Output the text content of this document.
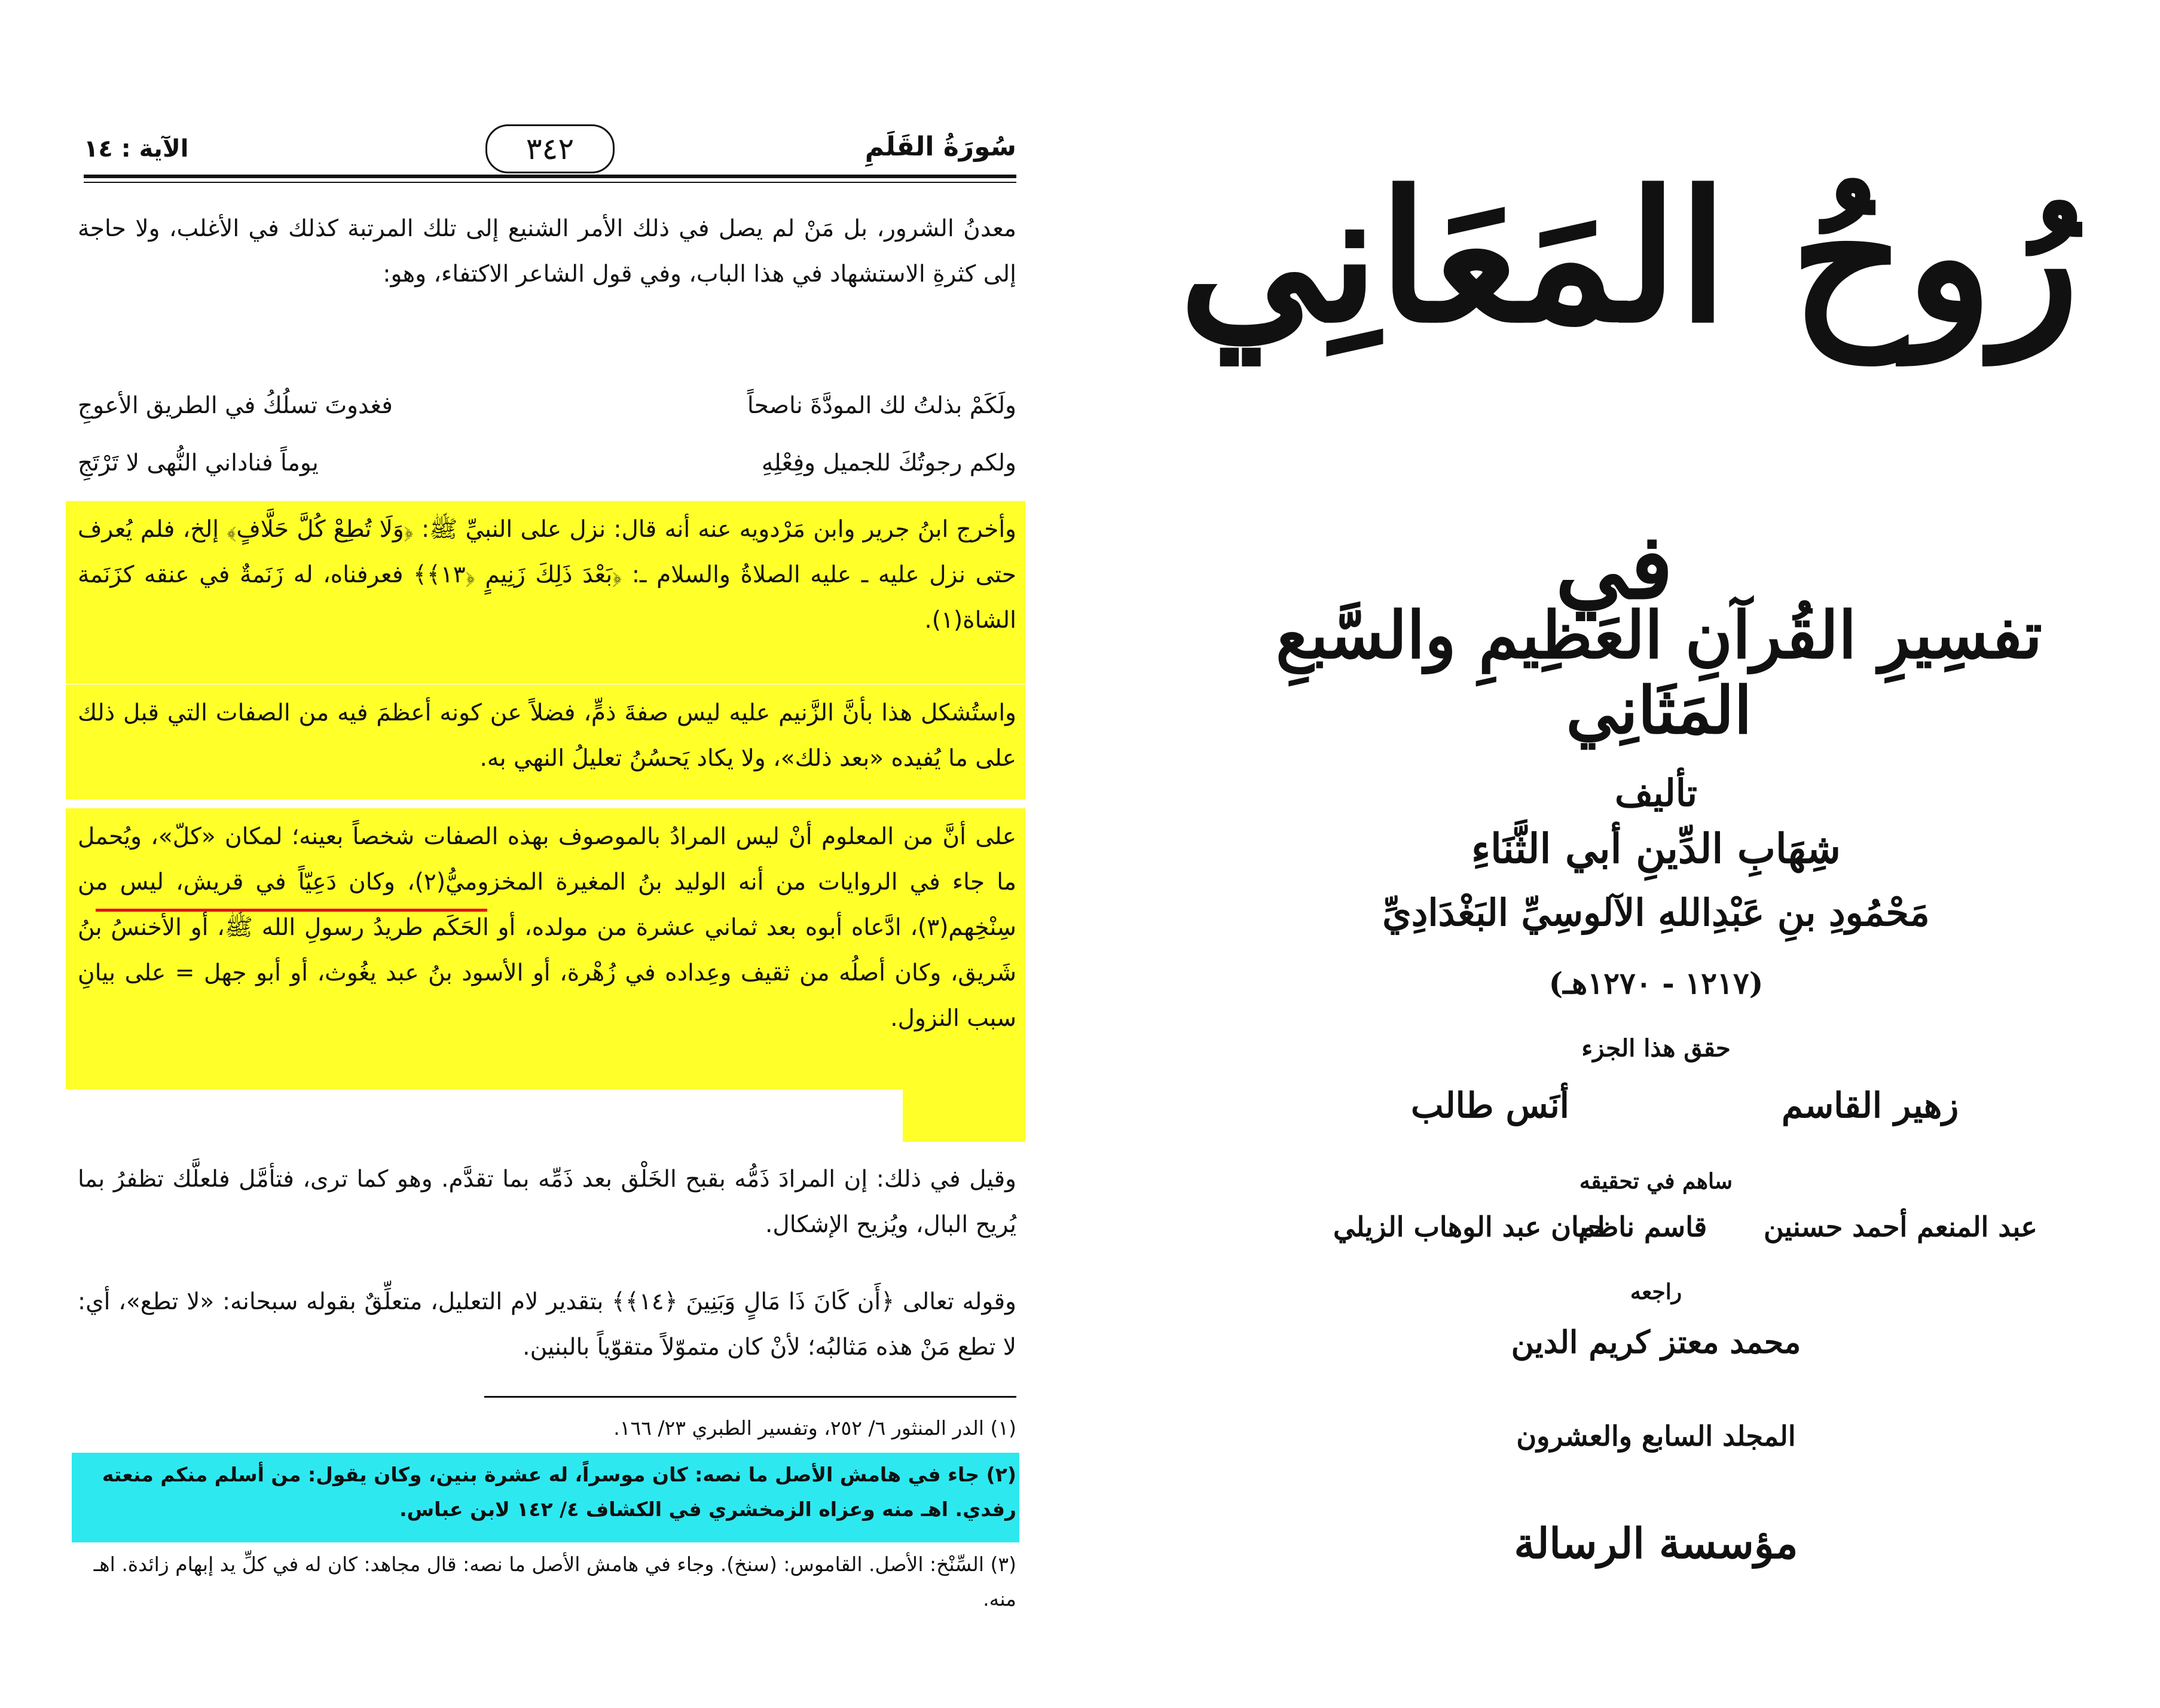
الآية : ١٤	٣٤٢	سُورَةُ القَلَمِ

معدنُ الشرور، بل مَنْ لم يصل في ذلك الأمر الشنيع إلى تلك المرتبة كذلك في الأغلب، ولا حاجة إلى كثرةِ الاستشهاد في هذا الباب، وفي قول الشاعر الاكتفاء، وهو:

ولَكَمْ بذلتُ لك المودَّةَ ناصحاً
فغدوتَ تسلُكُ في الطريق الأعوجِ
ولكم رجوتُكَ للجميل وفِعْلِهِ
يوماً فناداني النُّهى لا تَرْتَجِ

وأخرج ابنُ جرير وابن مَرْدويه عنه أنه قال: نزل على النبيِّ ﷺ: ﴿وَلَا تُطِعْ كُلَّ حَلَّافٍ﴾ إلخ، فلم يُعرف حتى نزل عليه ـ عليه الصلاةُ والسلام ـ: ﴿بَعْدَ ذَلِكَ زَنِيمٍ ﴿١٣﴾﴾ فعرفناه، له زَنَمةٌ في عنقه كزَنَمة الشاة(١).

واستُشكل هذا بأنَّ الزَّنيم عليه ليس صفةَ ذمٍّ، فضلاً عن كونه أعظمَ فيه من الصفات التي قبل ذلك على ما يُفيده «بعد ذلك»، ولا يكاد يَحسُنُ تعليلُ النهي به.

على أنَّ من المعلوم أنْ ليس المرادُ بالموصوف بهذه الصفات شخصاً بعينه؛ لمكان «كلّ»، ويُحمل ما جاء في الروايات من أنه الوليد بنُ المغيرة المخزوميُّ(٢)، وكان دَعِيّاً في قريش، ليس من سِنْخِهم(٣)، ادَّعاه أبوه بعد ثماني عشرة من مولده، أو الحَكَم طريدُ رسولِ الله ﷺ، أو الأخنسُ بنُ شَريق، وكان أصلُه من ثقيف وعِداده في زُهْرة، أو الأسود بنُ عبد يغُوث، أو أبو جهل = على بيانِ سبب النزول.

وقيل في ذلك: إن المرادَ ذَمُّه بقبح الخَلْق بعد ذَمِّه بما تقدَّم. وهو كما ترى، فتأمَّل فلعلَّك تظفرُ بما يُريح البال، ويُزيح الإشكال.

وقوله تعالى ﴿أَن كَانَ ذَا مَالٍ وَبَنِينَ ﴿١٤﴾﴾ بتقدير لام التعليل، متعلِّقٌ بقوله سبحانه: «لا تطع»، أي: لا تطع مَنْ هذه مَثالبُه؛ لأنْ كان متموّلاً متقوّياً بالبنين.

(١) الدر المنثور ٦/ ٢٥٢، وتفسير الطبري ٢٣/ ١٦٦.
(٢) جاء في هامش الأصل ما نصه: كان موسراً، له عشرة بنين، وكان يقول: من أسلم منكم منعته رفدي. اهـ منه وعزاه الزمخشري في الكشاف ٤/ ١٤٢ لابن عباس.
(٣) السِّنْخ: الأصل. القاموس: (سنخ). وجاء في هامش الأصل ما نصه: قال مجاهد: كان له في كلِّ يد إبهام زائدة. اهـ منه.
رُوحُ المَعَانِي
في
تفسِيرِ القُرآنِ العَظِيمِ والسَّبعِ المَثَانِي
تأليف
شِهَابِ الدِّينِ أبي الثَّنَاءِ
مَحْمُودِ بنِ عَبْدِاللهِ الآلوسِيِّ البَغْدَادِيِّ
(١٢١٧ - ١٢٧٠هـ)
حقق هذا الجزء
زهير القاسم
أنَس طالب
ساهم في تحقيقه
عبد المنعم أحمد حسنين
قاسم ناظم
حيان عبد الوهاب الزيلي
راجعه
محمد معتز كريم الدين
المجلد السابع والعشرون
مؤسسة الرسالة
